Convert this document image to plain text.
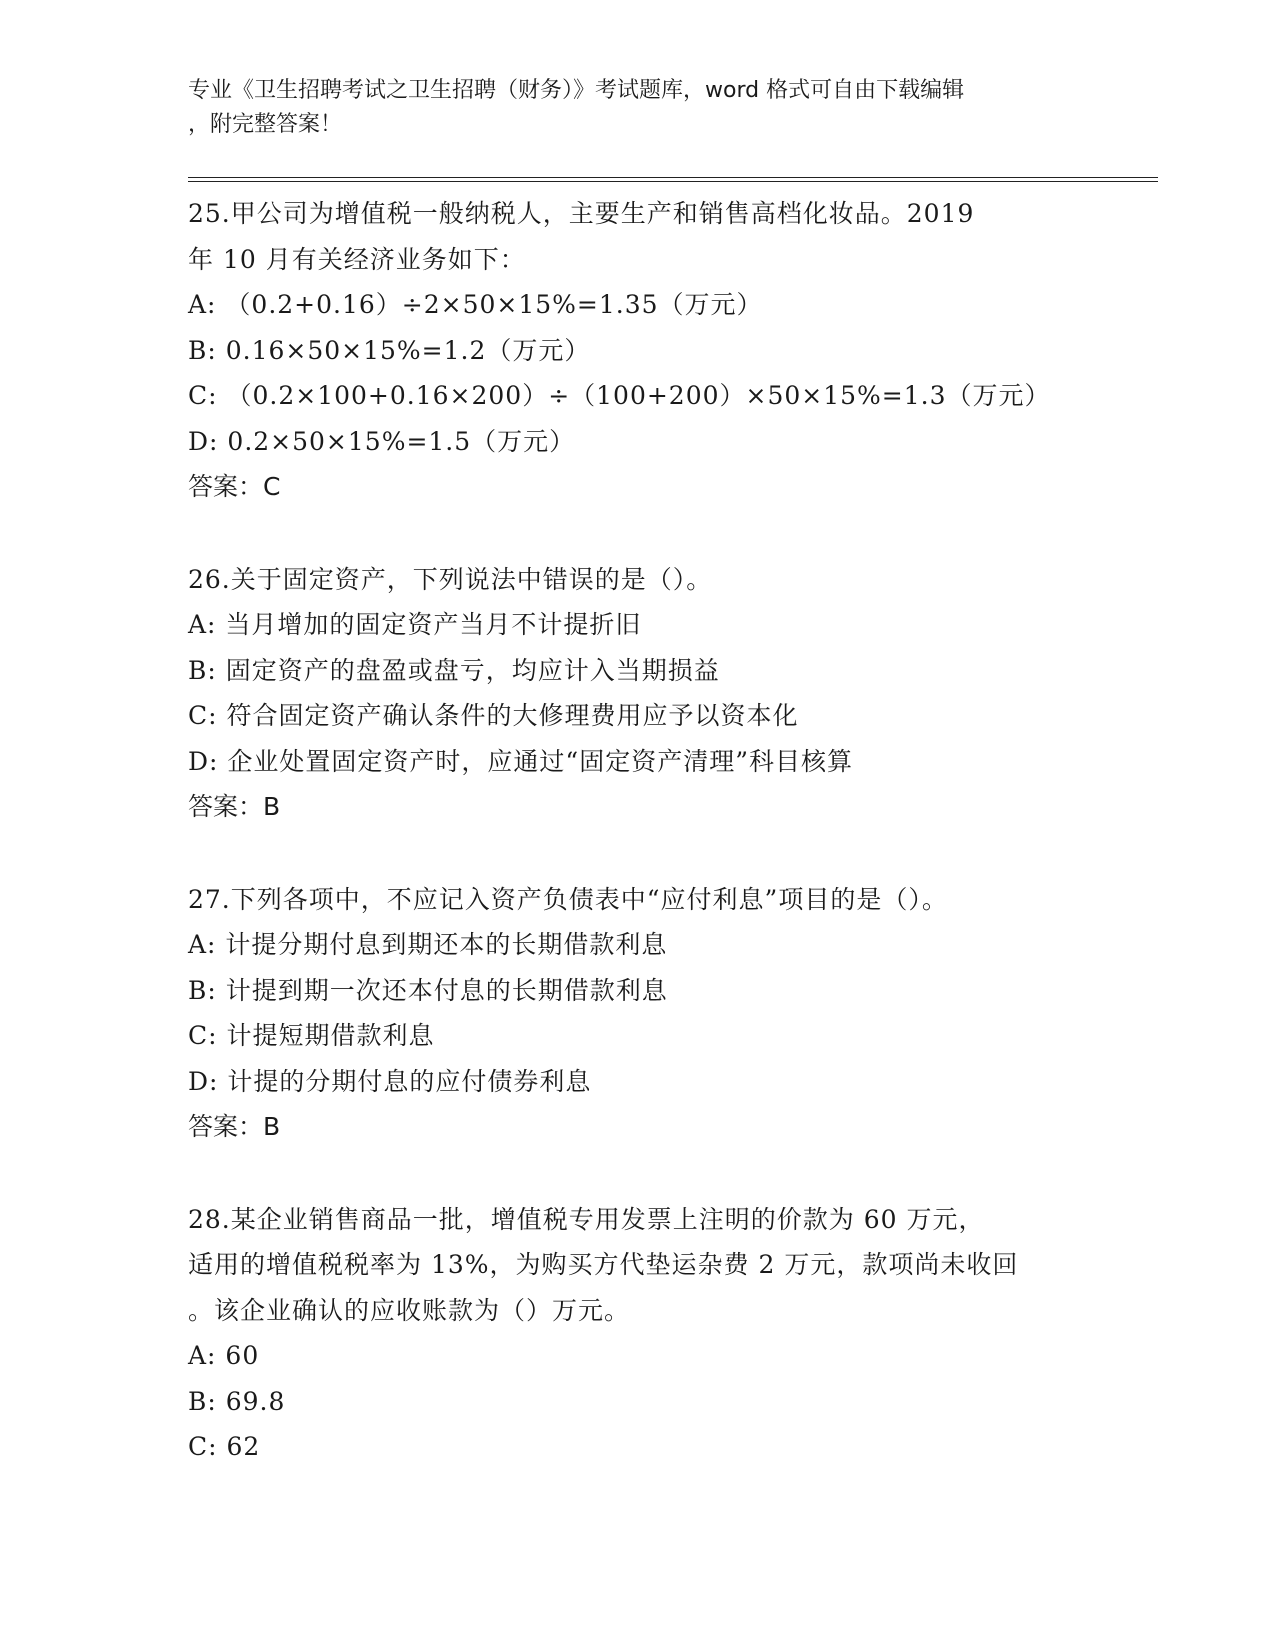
专业《卫生招聘考试之卫生招聘（财务）》考试题库，word 格式可自由下载编辑
，附完整答案！
25.甲公司为增值税一般纳税人，主要生产和销售高档化妆品。2019
年 10 月有关经济业务如下：
A: （0.2+0.16）÷2×50×15%=1.35（万元）
B: 0.16×50×15%=1.2（万元）
C: （0.2×100+0.16×200）÷（100+200）×50×15%=1.3（万元）
D: 0.2×50×15%=1.5（万元）
答案：C
26.关于固定资产，下列说法中错误的是（）。
A: 当月增加的固定资产当月不计提折旧
B: 固定资产的盘盈或盘亏，均应计入当期损益
C: 符合固定资产确认条件的大修理费用应予以资本化
D: 企业处置固定资产时，应通过“固定资产清理”科目核算
答案：B
27.下列各项中，不应记入资产负债表中“应付利息”项目的是（）。
A: 计提分期付息到期还本的长期借款利息
B: 计提到期一次还本付息的长期借款利息
C: 计提短期借款利息
D: 计提的分期付息的应付债券利息
答案：B
28.某企业销售商品一批，增值税专用发票上注明的价款为 60 万元，
适用的增值税税率为 13%，为购买方代垫运杂费 2 万元，款项尚未收回
。该企业确认的应收账款为（）万元。
A: 60
B: 69.8
C: 62
